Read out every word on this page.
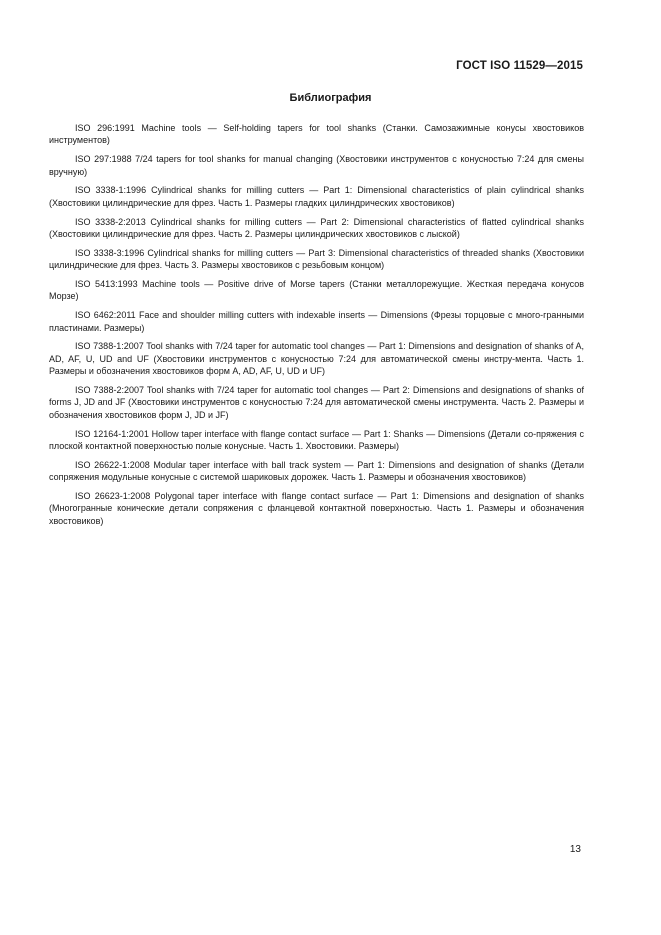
ГОСТ ISO 11529—2015
Библиография
ISO 296:1991 Machine tools — Self-holding tapers for tool shanks (Станки. Самозажимные конусы хвостовиков инструментов)
ISO 297:1988 7/24 tapers for tool shanks for manual changing (Хвостовики инструментов с конусностью 7:24 для смены вручную)
ISO 3338-1:1996 Cylindrical shanks for milling cutters — Part 1: Dimensional characteristics of plain cylindrical shanks (Хвостовики цилиндрические для фрез. Часть 1. Размеры гладких цилиндрических хвостовиков)
ISO 3338-2:2013 Cylindrical shanks for milling cutters — Part 2: Dimensional characteristics of flatted cylindrical shanks (Хвостовики цилиндрические для фрез. Часть 2. Размеры цилиндрических хвостовиков с лыской)
ISO 3338-3:1996 Cylindrical shanks for milling cutters — Part 3: Dimensional characteristics of threaded shanks (Хвостовики цилиндрические для фрез. Часть 3. Размеры хвостовиков с резьбовым концом)
ISO 5413:1993 Machine tools — Positive drive of Morse tapers (Станки металлорежущие. Жесткая передача конусов Морзе)
ISO 6462:2011 Face and shoulder milling cutters with indexable inserts — Dimensions (Фрезы торцовые с много-гранными пластинами. Размеры)
ISO 7388-1:2007 Tool shanks with 7/24 taper for automatic tool changes — Part 1: Dimensions and designation of shanks of A, AD, AF, U, UD and UF (Хвостовики инструментов с конусностью 7:24 для автоматической смены инстру-мента. Часть 1. Размеры и обозначения хвостовиков форм A, AD, AF, U, UD и UF)
ISO 7388-2:2007 Tool shanks with 7/24 taper for automatic tool changes — Part 2: Dimensions and designations of shanks of forms J, JD and JF (Хвостовики инструментов с конусностью 7:24 для автоматической смены инструмента. Часть 2. Размеры и обозначения хвостовиков форм J, JD и JF)
ISO 12164-1:2001 Hollow taper interface with flange contact surface — Part 1: Shanks — Dimensions (Детали со-пряжения с плоской контактной поверхностью полые конусные. Часть 1. Хвостовики. Размеры)
ISO 26622-1:2008 Modular taper interface with ball track system — Part 1: Dimensions and designation of shanks (Детали сопряжения модульные конусные с системой шариковых дорожек. Часть 1. Размеры и обозначения хвостовиков)
ISO 26623-1:2008 Polygonal taper interface with flange contact surface — Part 1: Dimensions and designation of shanks (Многогранные конические детали сопряжения с фланцевой контактной поверхностью. Часть 1. Размеры и обозначения хвостовиков)
13
